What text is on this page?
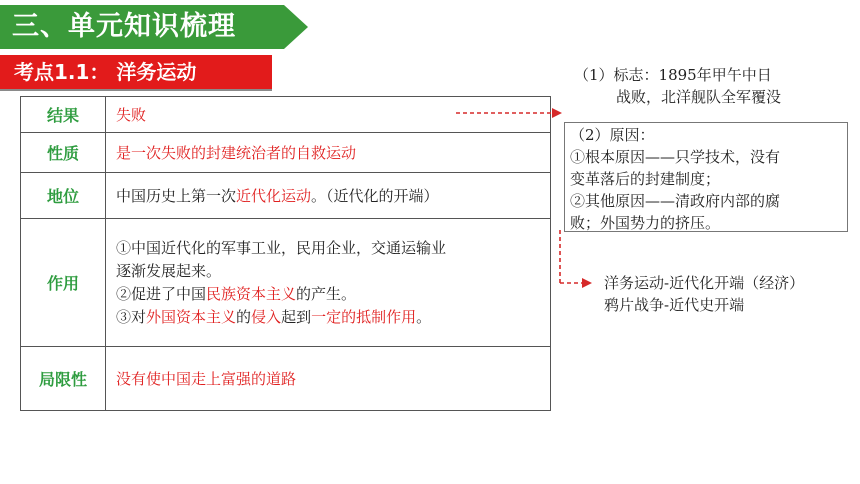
三、单元知识梳理
考点1.1： 洋务运动
结果	失败
性质	是一次失败的封建统治者的自救运动
地位	中国历史上第一次近代化运动。（近代化的开端）
作用	①中国近代化的军事工业，民用企业，交通运输业
逐渐发展起来。
②促进了中国民族资本主义的产生。
③对外国资本主义的侵入起到一定的抵制作用。

局限性	没有使中国走上富强的道路
（1）标志：1895年甲午中日
战败，北洋舰队全军覆没
（2）原因：
①根本原因——只学技术，没有
变革落后的封建制度；
②其他原因——清政府内部的腐
败；外国势力的挤压。
洋务运动-近代化开端（经济）
鸦片战争-近代史开端
